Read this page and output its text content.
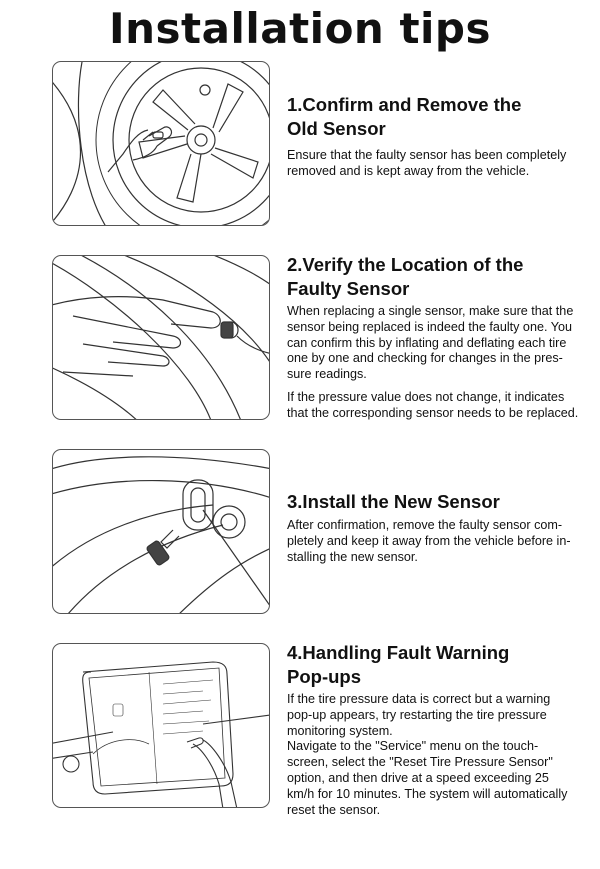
Installation tips
1.Confirm and Remove the
Old Sensor

Ensure that the faulty sensor has been completely
removed and is kept away from the vehicle.

2.Verify the Location of the
Faulty Sensor

When replacing a single sensor, make sure that the
sensor being replaced is indeed the faulty one. You
can confirm this by inflating and deflating each tire
one by one and checking for changes in the pres-
sure readings.

If the pressure value does not change, it indicates
that the corresponding sensor needs to be replaced.

3.Install the New Sensor

After confirmation, remove the faulty sensor com-
pletely and keep it away from the vehicle before in-
stalling the new sensor.

4.Handling Fault Warning
Pop-ups

If the tire pressure data is correct but a warning
pop-up appears, try restarting the tire pressure
monitoring system.
Navigate to the "Service" menu on the touch-
screen, select the "Reset Tire Pressure Sensor"
option, and then drive at a speed exceeding 25
km/h for 10 minutes. The system will automatically
reset the sensor.
